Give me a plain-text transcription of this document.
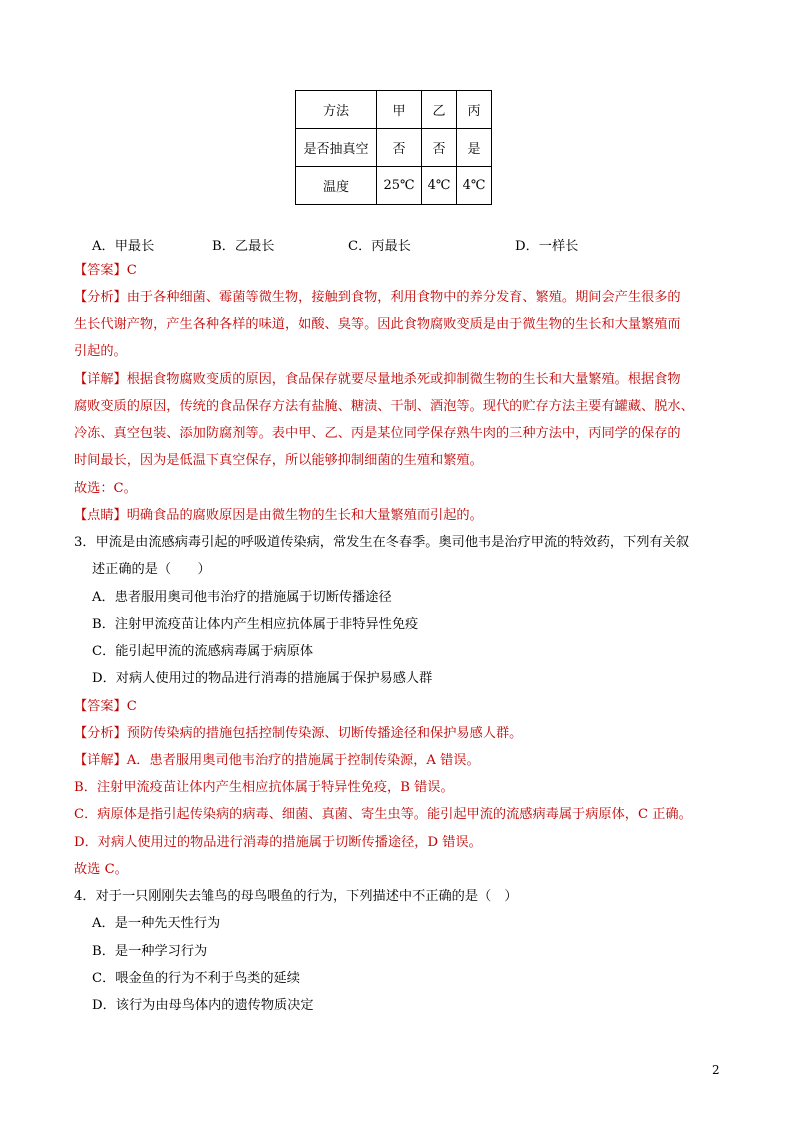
方法	甲	乙	丙
是否抽真空	否	否	是
温度	25℃	4℃	4℃
A．甲最长	B．乙最长	C．丙最长	D．一样长
【答案】C
【分析】由于各种细菌、霉菌等微生物，接触到食物，利用食物中的养分发育、繁殖。期间会产生很多的
生长代谢产物，产生各种各样的味道，如酸、臭等。因此食物腐败变质是由于微生物的生长和大量繁殖而
引起的。
【详解】根据食物腐败变质的原因，食品保存就要尽量地杀死或抑制微生物的生长和大量繁殖。根据食物
腐败变质的原因，传统的食品保存方法有盐腌、糖渍、干制、酒泡等。现代的贮存方法主要有罐藏、脱水、
冷冻、真空包装、添加防腐剂等。表中甲、乙、丙是某位同学保存熟牛肉的三种方法中，丙同学的保存的
时间最长，因为是低温下真空保存，所以能够抑制细菌的生殖和繁殖。
故选：C。
【点睛】明确食品的腐败原因是由微生物的生长和大量繁殖而引起的。
3．甲流是由流感病毒引起的呼吸道传染病，常发生在冬春季。奥司他韦是治疗甲流的特效药，下列有关叙
述正确的是（　　）
A．患者服用奥司他韦治疗的措施属于切断传播途径
B．注射甲流疫苗让体内产生相应抗体属于非特异性免疫
C．能引起甲流的流感病毒属于病原体
D．对病人使用过的物品进行消毒的措施属于保护易感人群
【答案】C
【分析】预防传染病的措施包括控制传染源、切断传播途径和保护易感人群。
【详解】A．患者服用奥司他韦治疗的措施属于控制传染源，A 错误。
B．注射甲流疫苗让体内产生相应抗体属于特异性免疫，B 错误。
C．病原体是指引起传染病的病毒、细菌、真菌、寄生虫等。能引起甲流的流感病毒属于病原体，C 正确。
D．对病人使用过的物品进行消毒的措施属于切断传播途径，D 错误。
故选 C。
4．对于一只刚刚失去雏鸟的母鸟喂鱼的行为，下列描述中不正确的是（　）
A．是一种先天性行为
B．是一种学习行为
C．喂金鱼的行为不利于鸟类的延续
D．该行为由母鸟体内的遗传物质决定
2
